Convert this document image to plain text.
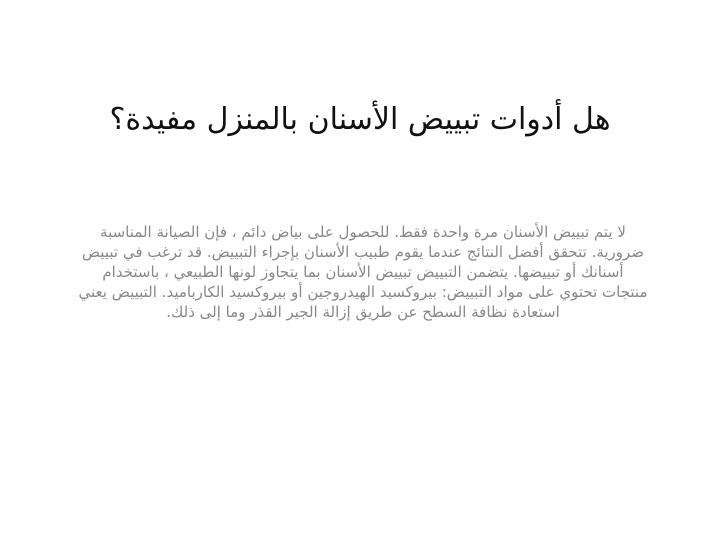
هل أدوات تبييض الأسنان بالمنزل مفيدة؟

لا يتم تبييض الأسنان مرة واحدة فقط. للحصول على بياض دائم ، فإن الصيانة المناسبة ضرورية. تتحقق أفضل النتائج عندما يقوم طبيب الأسنان بإجراء التبييض. قد ترغب في تبييض أسنانك أو تبييضها. يتضمن التبييض تبييض الأسنان بما يتجاوز لونها الطبيعي ، باستخدام منتجات تحتوي على مواد التبييض: بيروكسيد الهيدروجين أو بيروكسيد الكارباميد. التبييض يعني استعادة نظافة السطح عن طريق إزالة الجير القذر وما إلى ذلك.
